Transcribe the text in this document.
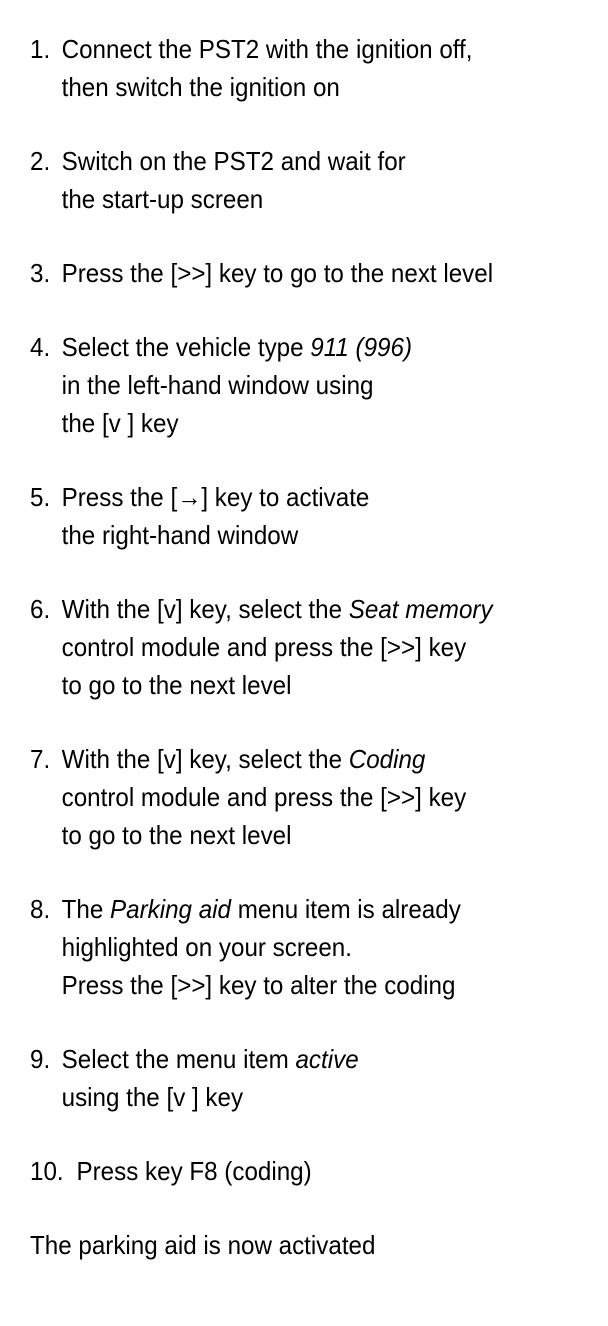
1. Connect the PST2 with the ignition off,
then switch the ignition on
2. Switch on the PST2 and wait for
the start-up screen
3. Press the [>>] key to go to the next level
4. Select the vehicle type 911 (996)
in the left-hand window using
the [v ] key
5. Press the [→] key to activate
the right-hand window
6. With the [v] key, select the Seat memory
control module and press the [>>] key
to go to the next level
7. With the [v] key, select the Coding
control module and press the [>>] key
to go to the next level
8. The Parking aid menu item is already
highlighted on your screen.
Press the [>>] key to alter the coding
9. Select the menu item active
using the [v ] key
10. Press key F8 (coding)

The parking aid is now activated
